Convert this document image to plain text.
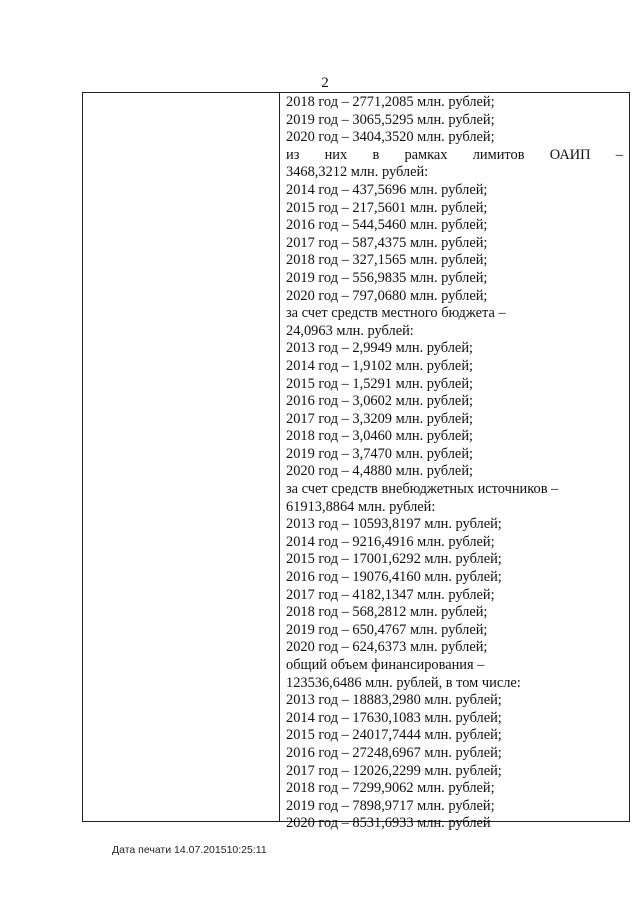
2
2018 год – 2771,2085 млн. рублей;
2019 год – 3065,5295 млн. рублей;
2020 год – 3404,3520 млн. рублей;
из них в рамках лимитов ОАИП –
3468,3212 млн. рублей:
2014 год – 437,5696 млн. рублей;
2015 год – 217,5601 млн. рублей;
2016 год – 544,5460 млн. рублей;
2017 год – 587,4375 млн. рублей;
2018 год – 327,1565 млн. рублей;
2019 год – 556,9835 млн. рублей;
2020 год – 797,0680 млн. рублей;
за счет средств местного бюджета –
24,0963 млн. рублей:
2013 год – 2,9949 млн. рублей;
2014 год – 1,9102 млн. рублей;
2015 год – 1,5291 млн. рублей;
2016 год – 3,0602 млн. рублей;
2017 год – 3,3209 млн. рублей;
2018 год – 3,0460 млн. рублей;
2019 год – 3,7470 млн. рублей;
2020 год – 4,4880 млн. рублей;
за счет средств внебюджетных источников –
61913,8864 млн. рублей:
2013 год – 10593,8197 млн. рублей;
2014 год – 9216,4916 млн. рублей;
2015 год – 17001,6292 млн. рублей;
2016 год – 19076,4160 млн. рублей;
2017 год – 4182,1347 млн. рублей;
2018 год – 568,2812 млн. рублей;
2019 год – 650,4767 млн. рублей;
2020 год – 624,6373 млн. рублей;
общий объем финансирования –
123536,6486 млн. рублей, в том числе:
2013 год – 18883,2980 млн. рублей;
2014 год – 17630,1083 млн. рублей;
2015 год – 24017,7444 млн. рублей;
2016 год – 27248,6967 млн. рублей;
2017 год – 12026,2299 млн. рублей;
2018 год – 7299,9062 млн. рублей;
2019 год – 7898,9717 млн. рублей;
2020 год – 8531,6933 млн. рублей
Дата печати 14.07.201510:25:11
